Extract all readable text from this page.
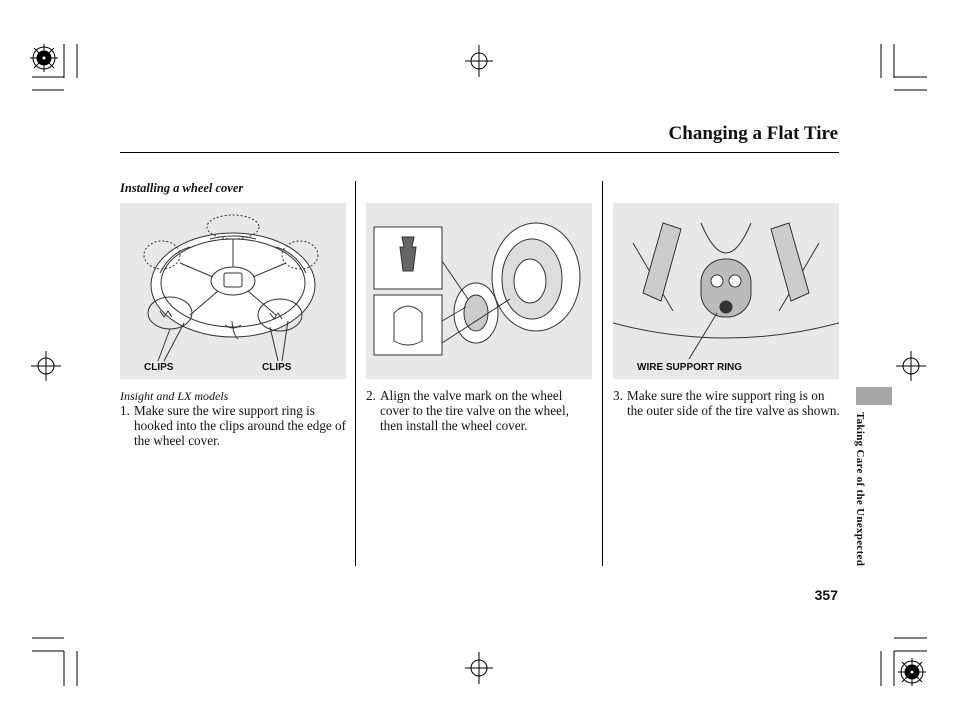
Changing a Flat Tire
Installing a wheel cover
CLIPS	CLIPS	WIRE SUPPORT RING
Insight and LX models
1. Make sure the wire support ring is hooked into the clips around the edge of the wheel cover.
2. Align the valve mark on the wheel cover to the tire valve on the wheel, then install the wheel cover.
3. Make sure the wire support ring is on the outer side of the tire valve as shown.
Taking Care of the Unexpected
357
